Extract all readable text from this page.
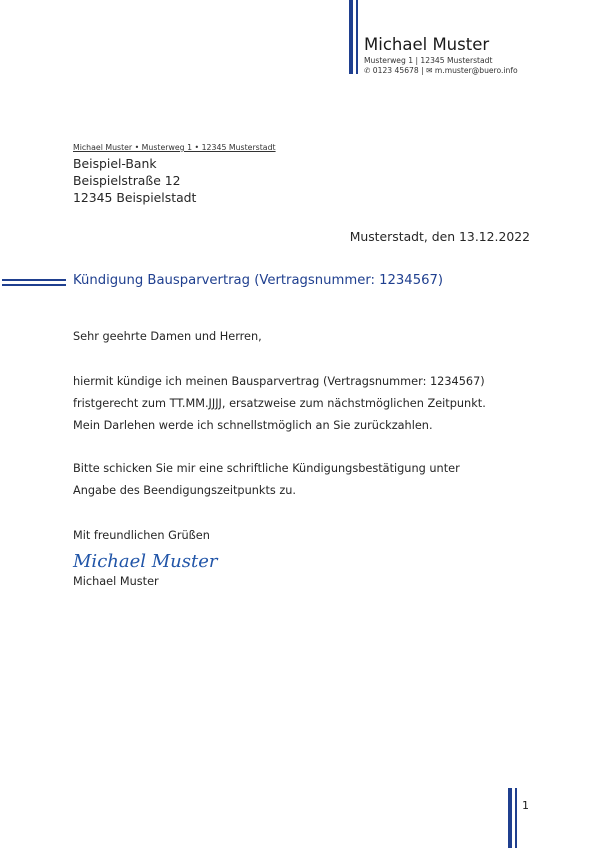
Michael Muster
Musterweg 1 | 12345 Musterstadt
✆ 0123 45678 | ✉ m.muster@buero.info
Michael Muster • Musterweg 1 • 12345 Musterstadt
Beispiel-Bank
Beispielstraße 12
12345 Beispielstadt
Musterstadt, den 13.12.2022
Kündigung Bausparvertrag (Vertragsnummer: 1234567)
Sehr geehrte Damen und Herren,
hiermit kündige ich meinen Bausparvertrag (Vertragsnummer: 1234567)
fristgerecht zum TT.MM.JJJJ, ersatzweise zum nächstmöglichen Zeitpunkt.
Mein Darlehen werde ich schnellstmöglich an Sie zurückzahlen.
Bitte schicken Sie mir eine schriftliche Kündigungsbestätigung unter
Angabe des Beendigungszeitpunkts zu.
Mit freundlichen Grüßen
Michael Muster
Michael Muster
1
